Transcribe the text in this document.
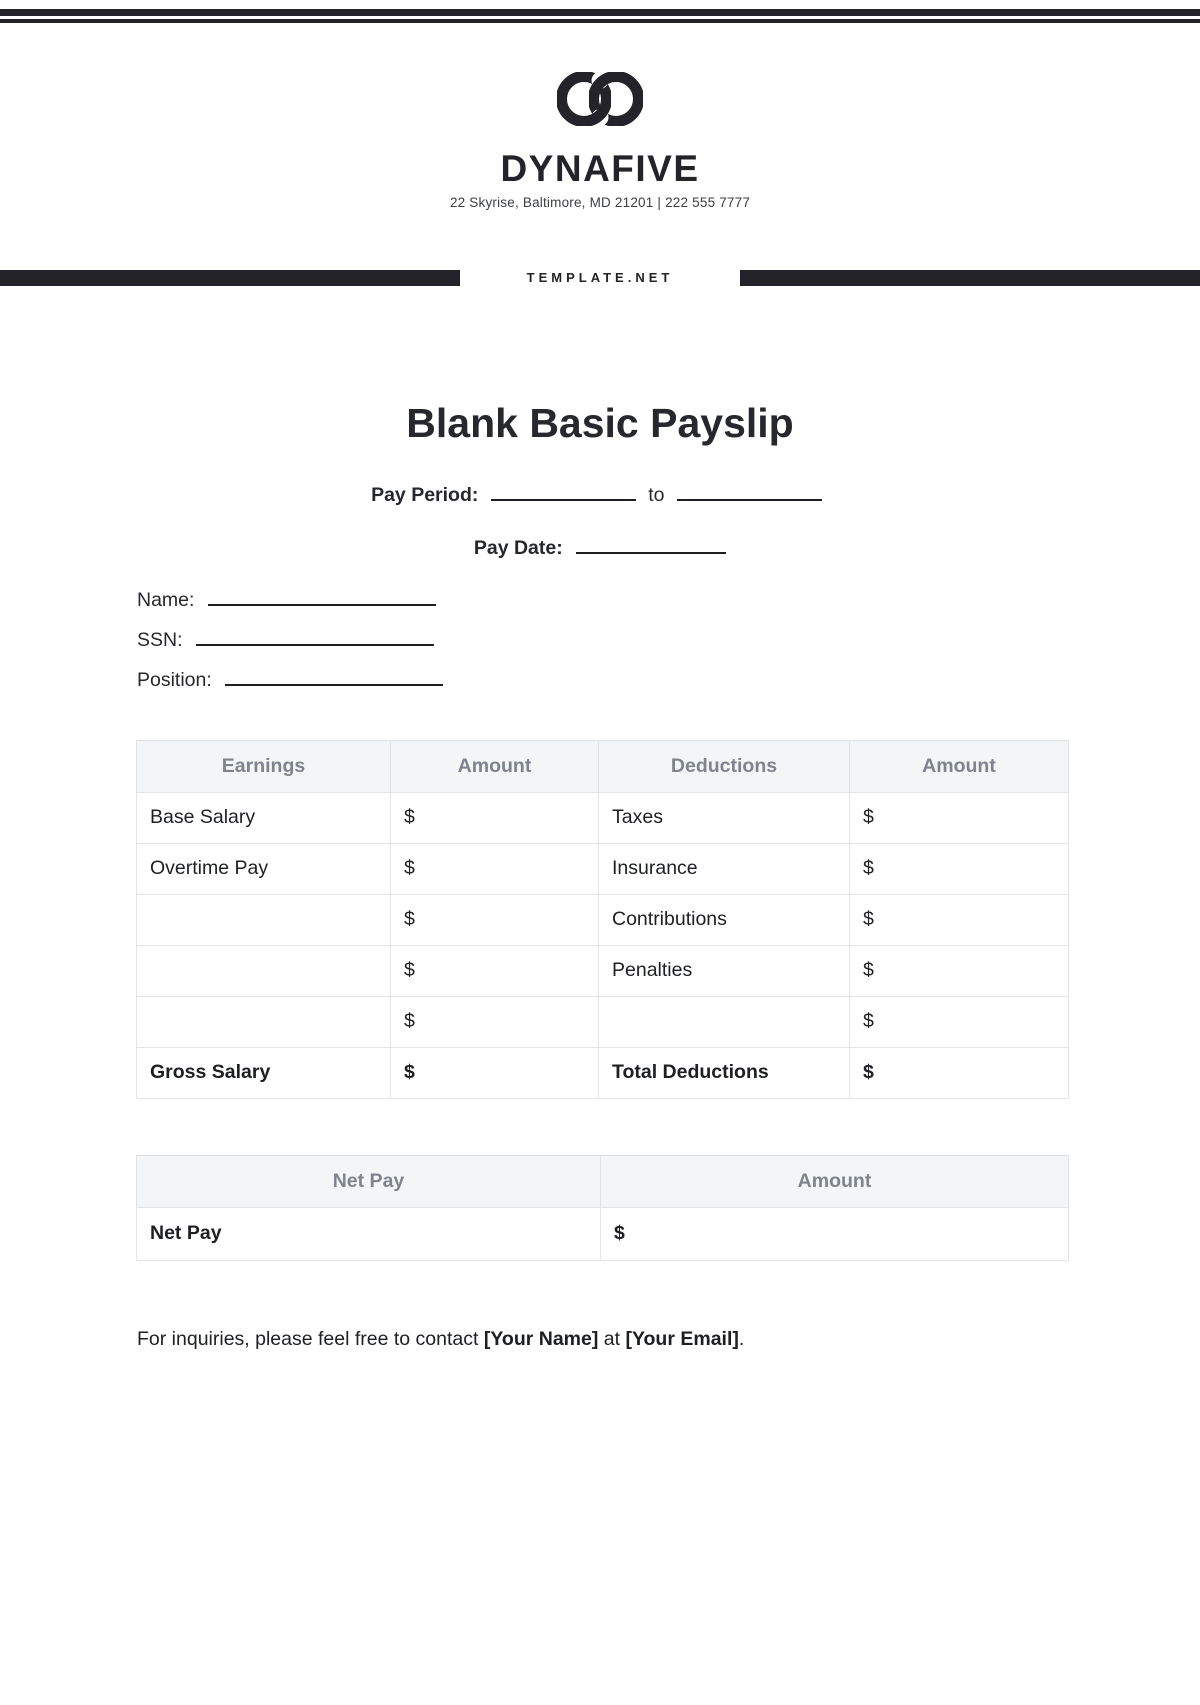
DYNAFIVE
22 Skyrise, Baltimore, MD 21201 | 222 555 7777
TEMPLATE.NET
Blank Basic Payslip
Pay Period:	to
Pay Date:
Name:
SSN:
Position:
Earnings	Amount	Deductions	Amount
Base Salary	$	Taxes	$
Overtime Pay	$	Insurance	$
	$	Contributions	$
	$	Penalties	$
	$		$
Gross Salary	$	Total Deductions	$
Net Pay	Amount
Net Pay	$
For inquiries, please feel free to contact [Your Name] at [Your Email].
